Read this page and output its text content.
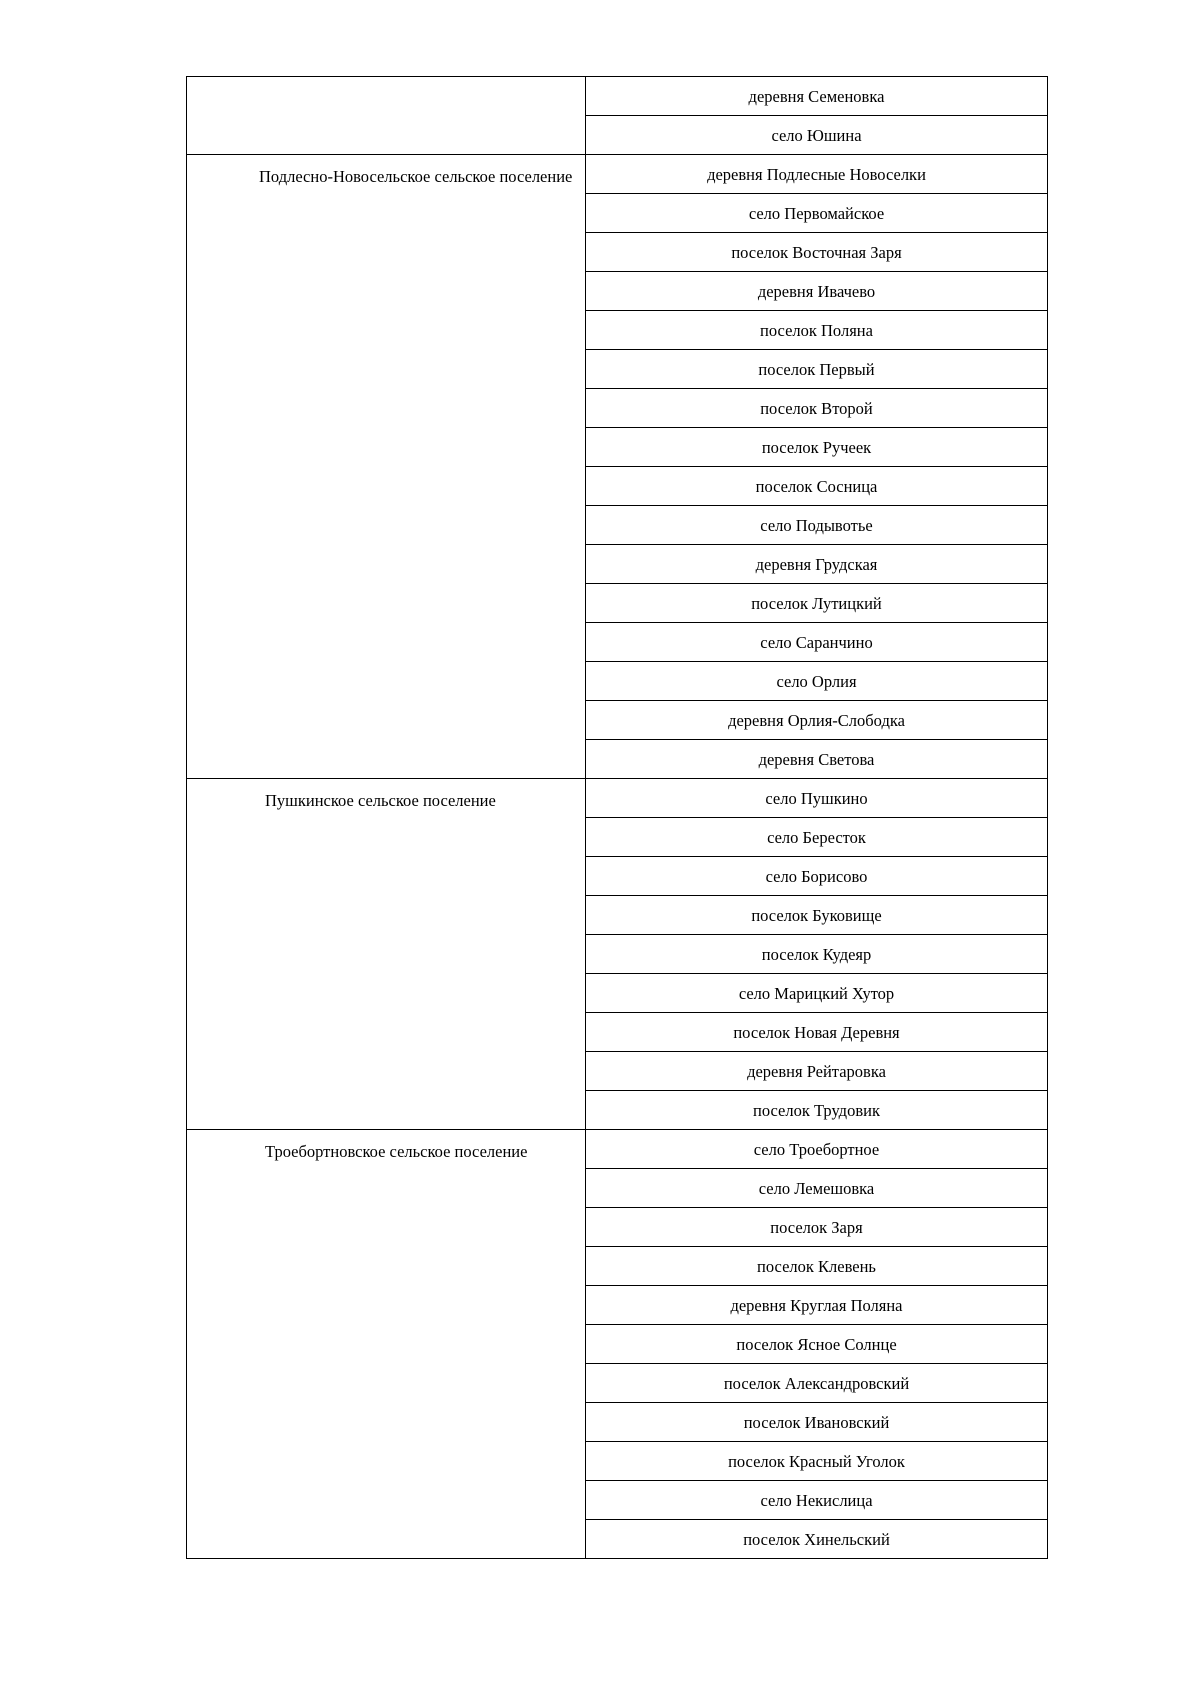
	деревня Семеновка
	село Юшина

Подлесно-Новосельское сельское поселение	деревня Подлесные Новоселки
	село Первомайское
	поселок Восточная Заря
	деревня Ивачево
	поселок Поляна
	поселок Первый
	поселок Второй
	поселок Ручеек
	поселок Сосница
	село Подывотье
	деревня Грудская
	поселок Лутицкий
	село Саранчино
	село Орлия
	деревня Орлия-Слободка
	деревня Светова

Пушкинское сельское поселение	село Пушкино
	село Бересток
	село Борисово
	поселок Буковище
	поселок Кудеяр
	село Марицкий Хутор
	поселок Новая Деревня
	деревня Рейтаровка
	поселок Трудовик

Троебортновское сельское поселение	село Троебортное
	село Лемешовка
	поселок Заря
	поселок Клевень
	деревня Круглая Поляна
	поселок Ясное Солнце
	поселок Александровский
	поселок Ивановский
	поселок Красный Уголок
	село Некислица
	поселок Хинельский
